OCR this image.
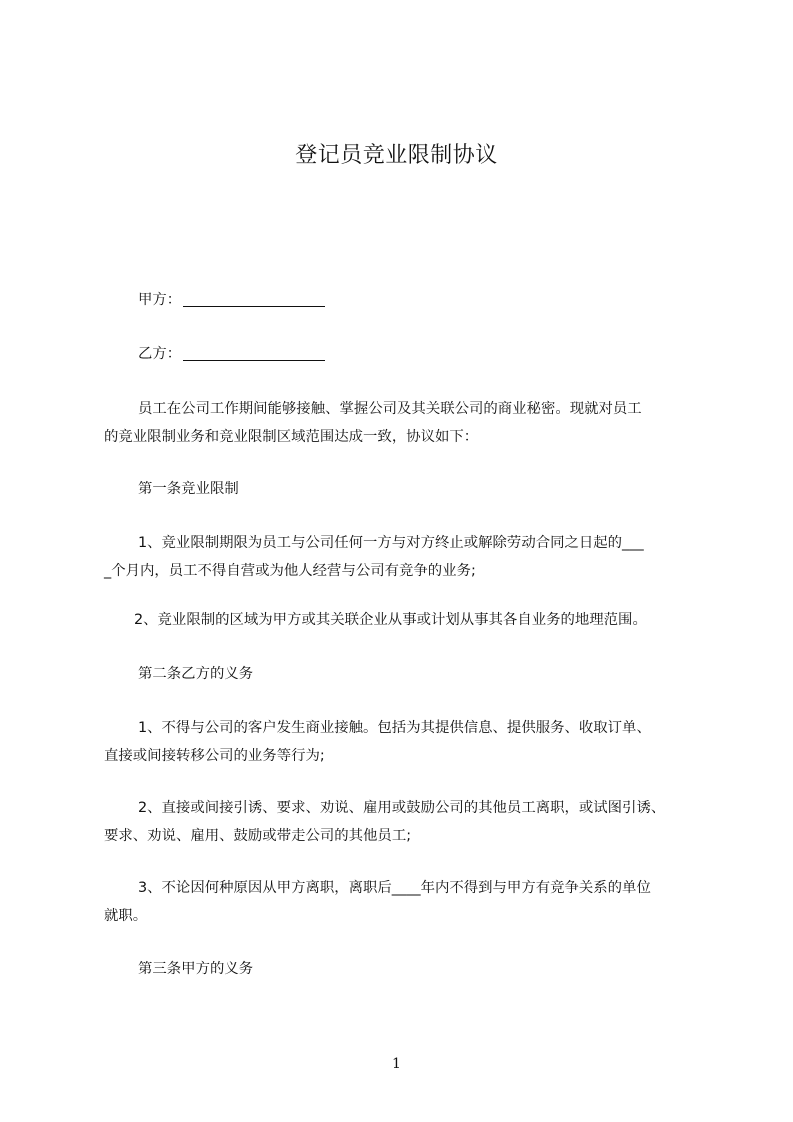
登记员竞业限制协议
甲方：
乙方：
员工在公司工作期间能够接触、掌握公司及其关联公司的商业秘密。现就对员工
的竞业限制业务和竞业限制区域范围达成一致，协议如下：
第一条竞业限制
1、竞业限制期限为员工与公司任何一方与对方终止或解除劳动合同之日起的___
_个月内，员工不得自营或为他人经营与公司有竞争的业务;
2、竞业限制的区域为甲方或其关联企业从事或计划从事其各自业务的地理范围。
第二条乙方的义务
1、不得与公司的客户发生商业接触。包括为其提供信息、提供服务、收取订单、
直接或间接转移公司的业务等行为;
2、直接或间接引诱、要求、劝说、雇用或鼓励公司的其他员工离职，或试图引诱、
要求、劝说、雇用、鼓励或带走公司的其他员工;
3、不论因何种原因从甲方离职，离职后____年内不得到与甲方有竞争关系的单位
就职。
第三条甲方的义务
1
